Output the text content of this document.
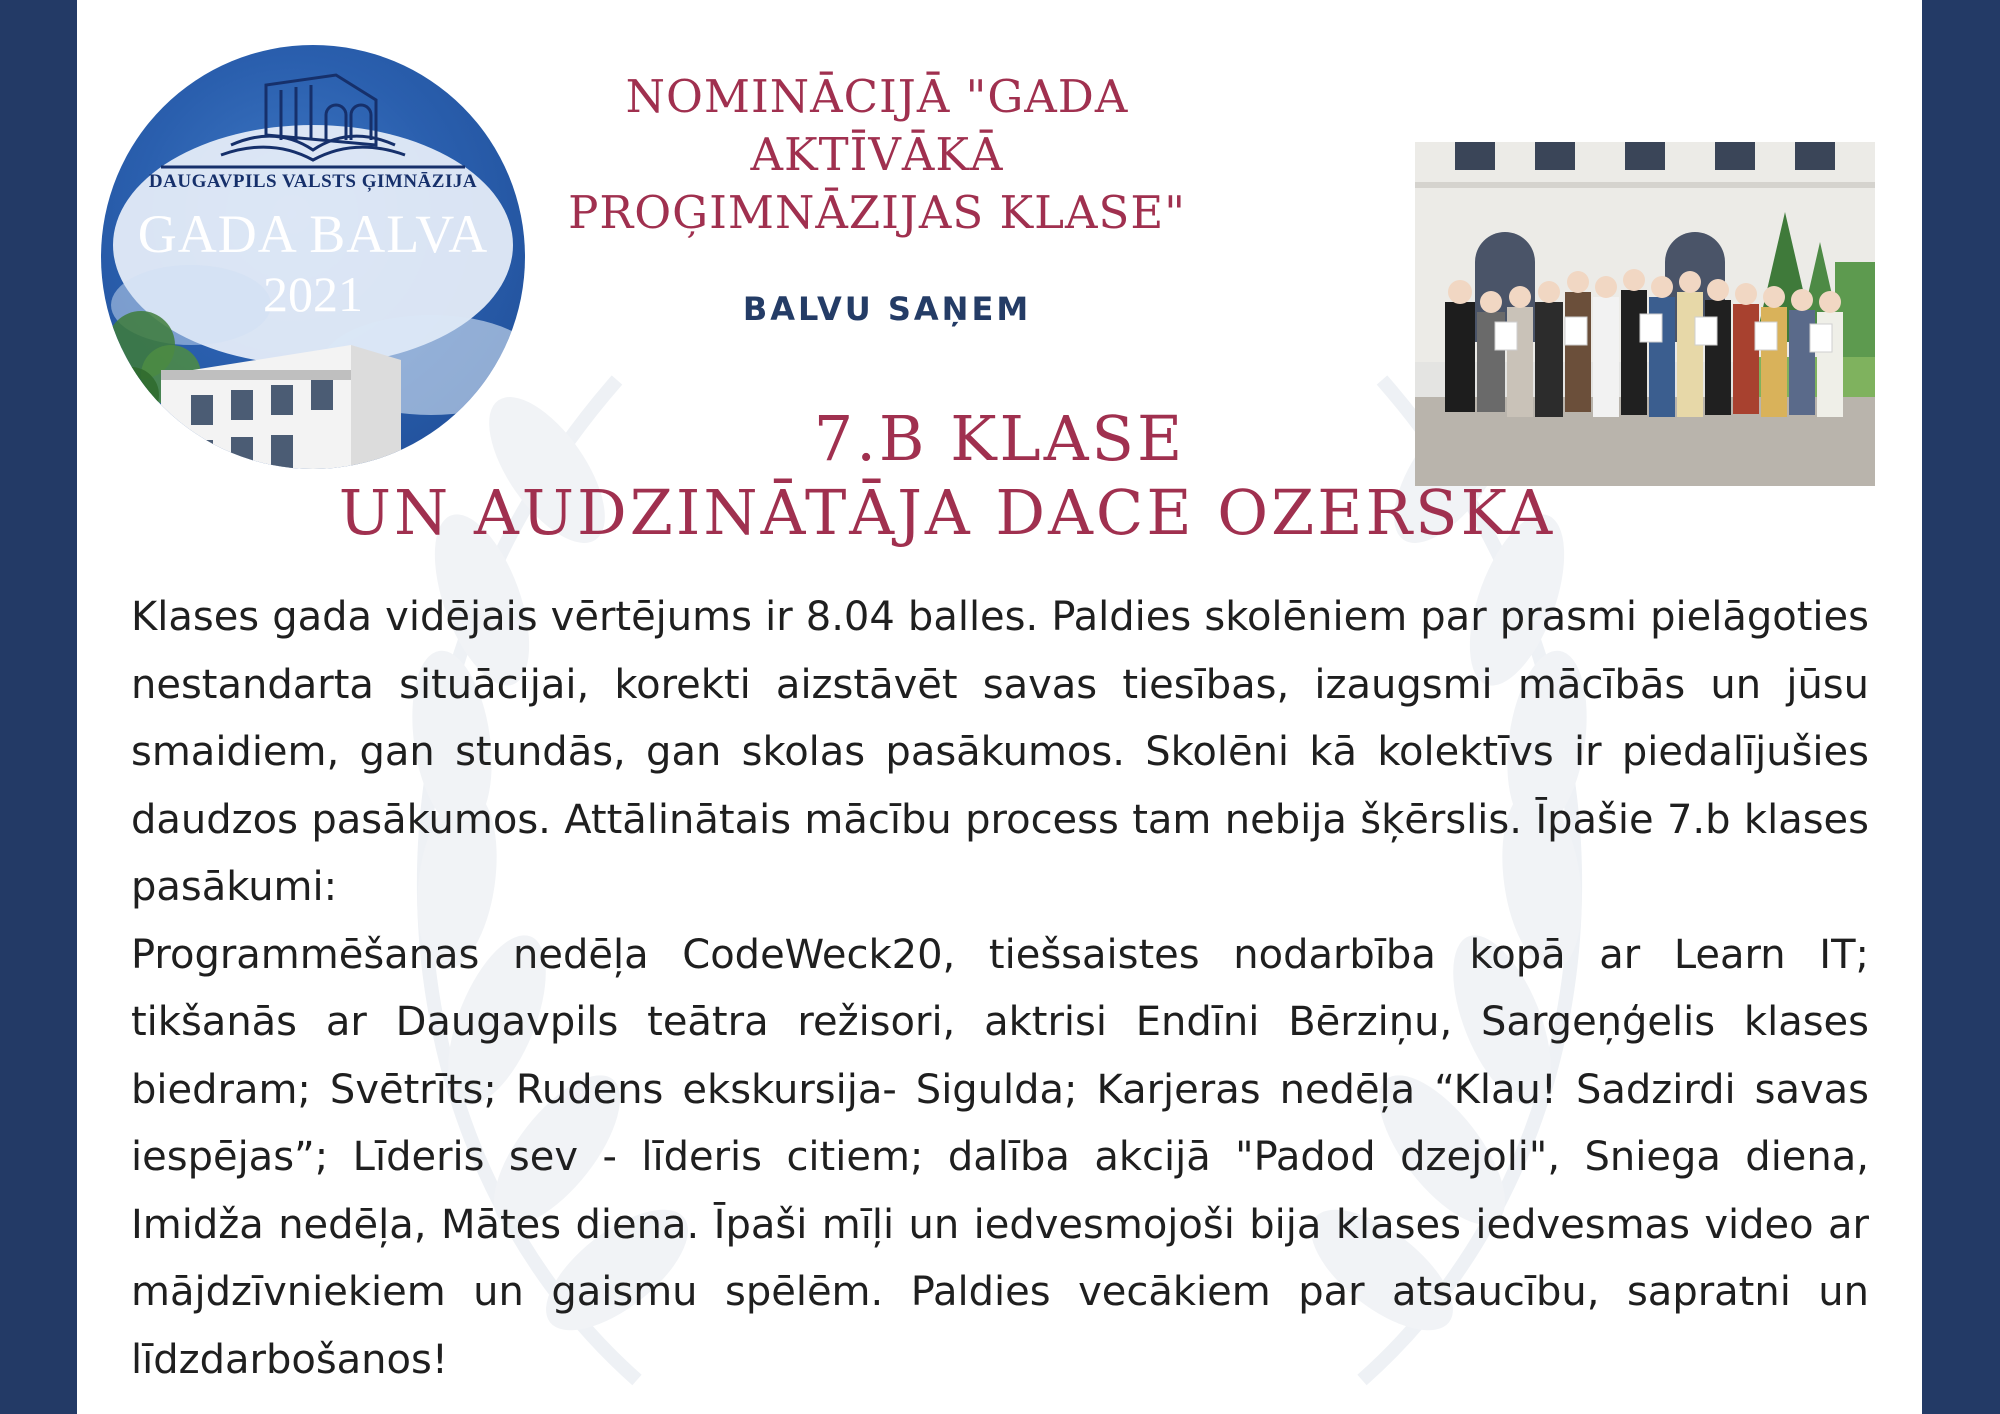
DAUGAVPILS VALSTS ĢIMNĀZIJA
GADA BALVA
2021
NOMINĀCIJĀ "GADA AKTĪVĀKĀ
PROĢIMNĀZIJAS KLASE"
BALVU SAŅEM
7.B KLASE
UN AUDZINĀTĀJA DACE OZERSKA

Klases gada vidējais vērtējums ir 8.04 balles. Paldies skolēniem par prasmi pielāgoties nestandarta situācijai, korekti aizstāvēt savas tiesības, izaugsmi mācībās un jūsu smaidiem, gan stundās, gan skolas pasākumos. Skolēni kā kolektīvs ir piedalījušies daudzos pasākumos. Attālinātais mācību process tam nebija šķērslis. Īpašie 7.b klases pasākumi:

Programmēšanas nedēļa CodeWeck20, tiešsaistes nodarbība kopā ar Learn IT; tikšanās ar Daugavpils teātra režisori, aktrisi Endīni Bērziņu, Sargeņģelis klases biedram; Svētrīts; Rudens ekskursija- Sigulda; Karjeras nedēļa “Klau! Sadzirdi savas iespējas”; Līderis sev - līderis citiem; dalība akcijā "Padod dzejoli", Sniega diena, Imidža nedēļa, Mātes diena. Īpaši mīļi un iedvesmojoši bija klases iedvesmas video ar mājdzīvniekiem un gaismu spēlēm. Paldies vecākiem par atsaucību, sapratni un līdzdarbošanos!
